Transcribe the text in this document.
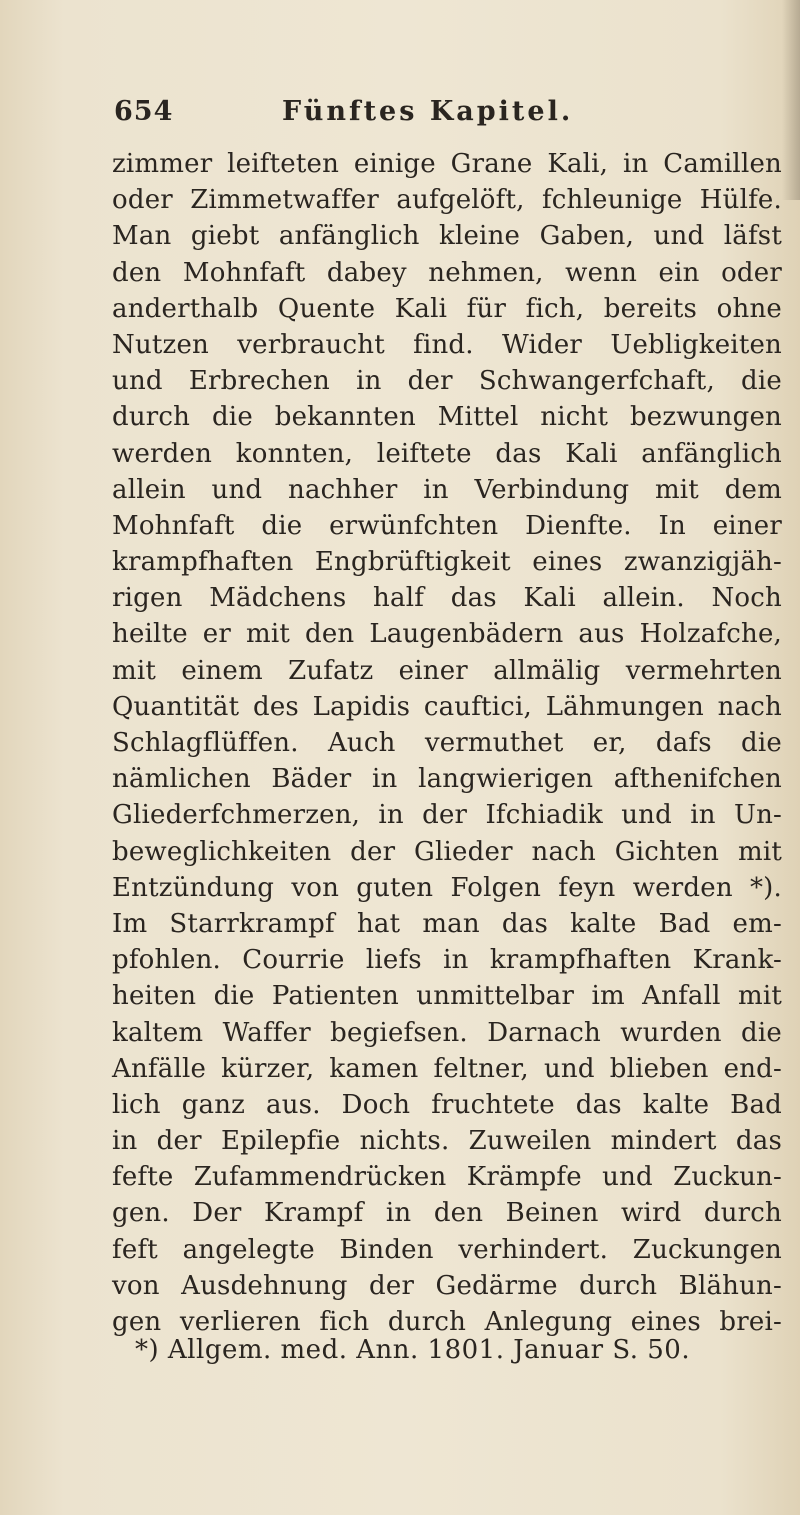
654	Fünftes Kapitel.
zimmer leifteten einige Grane Kali, in Camillen
oder Zimmetwaffer aufgelöft, fchleunige Hülfe.
Man giebt anfänglich kleine Gaben, und läfst
den Mohnfaft dabey nehmen, wenn ein oder
anderthalb Quente Kali für fich, bereits ohne
Nutzen verbraucht find. Wider Uebligkeiten
und Erbrechen in der Schwangerfchaft, die
durch die bekannten Mittel nicht bezwungen
werden konnten, leiftete das Kali anfänglich
allein und nachher in Verbindung mit dem
Mohnfaft die erwünfchten Dienfte. In einer
krampfhaften Engbrüftigkeit eines zwanzigjäh-
rigen Mädchens half das Kali allein. Noch
heilte er mit den Laugenbädern aus Holzafche,
mit einem Zufatz einer allmälig vermehrten
Quantität des Lapidis cauftici, Lähmungen nach
Schlagflüffen. Auch vermuthet er, dafs die
nämlichen Bäder in langwierigen afthenifchen
Gliederfchmerzen, in der Ifchiadik und in Un-
beweglichkeiten der Glieder nach Gichten mit
Entzündung von guten Folgen feyn werden *).
Im Starrkrampf hat man das kalte Bad em-
pfohlen. Courrie liefs in krampfhaften Krank-
heiten die Patienten unmittelbar im Anfall mit
kaltem Waffer begiefsen. Darnach wurden die
Anfälle kürzer, kamen feltner, und blieben end-
lich ganz aus. Doch fruchtete das kalte Bad
in der Epilepfie nichts. Zuweilen mindert das
fefte Zufammendrücken Krämpfe und Zuckun-
gen. Der Krampf in den Beinen wird durch
feft angelegte Binden verhindert. Zuckungen
von Ausdehnung der Gedärme durch Blähun-
gen verlieren fich durch Anlegung eines brei-
*) Allgem. med. Ann. 1801. Januar S. 50.
